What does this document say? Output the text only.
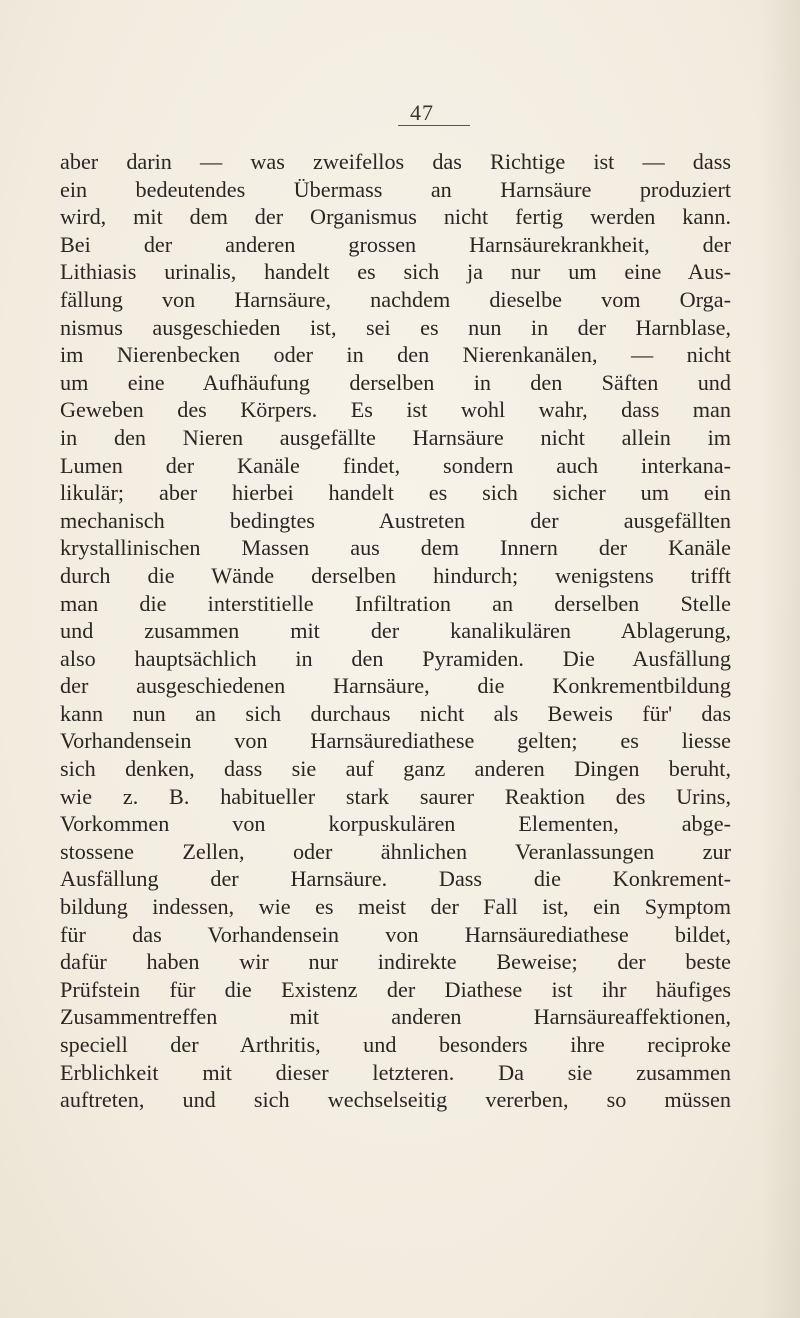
47
aber darin — was zweifellos das Richtige ist — dass
ein bedeutendes Übermass an Harnsäure produziert
wird, mit dem der Organismus nicht fertig werden kann.
Bei der anderen grossen Harnsäurekrankheit, der
Lithiasis urinalis, handelt es sich ja nur um eine Aus-
fällung von Harnsäure, nachdem dieselbe vom Orga-
nismus ausgeschieden ist, sei es nun in der Harnblase,
im Nierenbecken oder in den Nierenkanälen, — nicht
um eine Aufhäufung derselben in den Säften und
Geweben des Körpers. Es ist wohl wahr, dass man
in den Nieren ausgefällte Harnsäure nicht allein im
Lumen der Kanäle findet, sondern auch interkana-
likulär; aber hierbei handelt es sich sicher um ein
mechanisch bedingtes Austreten der ausgefällten
krystallinischen Massen aus dem Innern der Kanäle
durch die Wände derselben hindurch; wenigstens trifft
man die interstitielle Infiltration an derselben Stelle
und zusammen mit der kanalikulären Ablagerung,
also hauptsächlich in den Pyramiden. Die Ausfällung
der ausgeschiedenen Harnsäure, die Konkrementbildung
kann nun an sich durchaus nicht als Beweis für' das
Vorhandensein von Harnsäurediathese gelten; es liesse
sich denken, dass sie auf ganz anderen Dingen beruht,
wie z. B. habitueller stark saurer Reaktion des Urins,
Vorkommen von korpuskulären Elementen, abge-
stossene Zellen, oder ähnlichen Veranlassungen zur
Ausfällung der Harnsäure. Dass die Konkrement-
bildung indessen, wie es meist der Fall ist, ein Symptom
für das Vorhandensein von Harnsäurediathese bildet,
dafür haben wir nur indirekte Beweise; der beste
Prüfstein für die Existenz der Diathese ist ihr häufiges
Zusammentreffen mit anderen Harnsäureaffektionen,
speciell der Arthritis, und besonders ihre reciproke
Erblichkeit mit dieser letzteren. Da sie zusammen
auftreten, und sich wechselseitig vererben, so müssen
